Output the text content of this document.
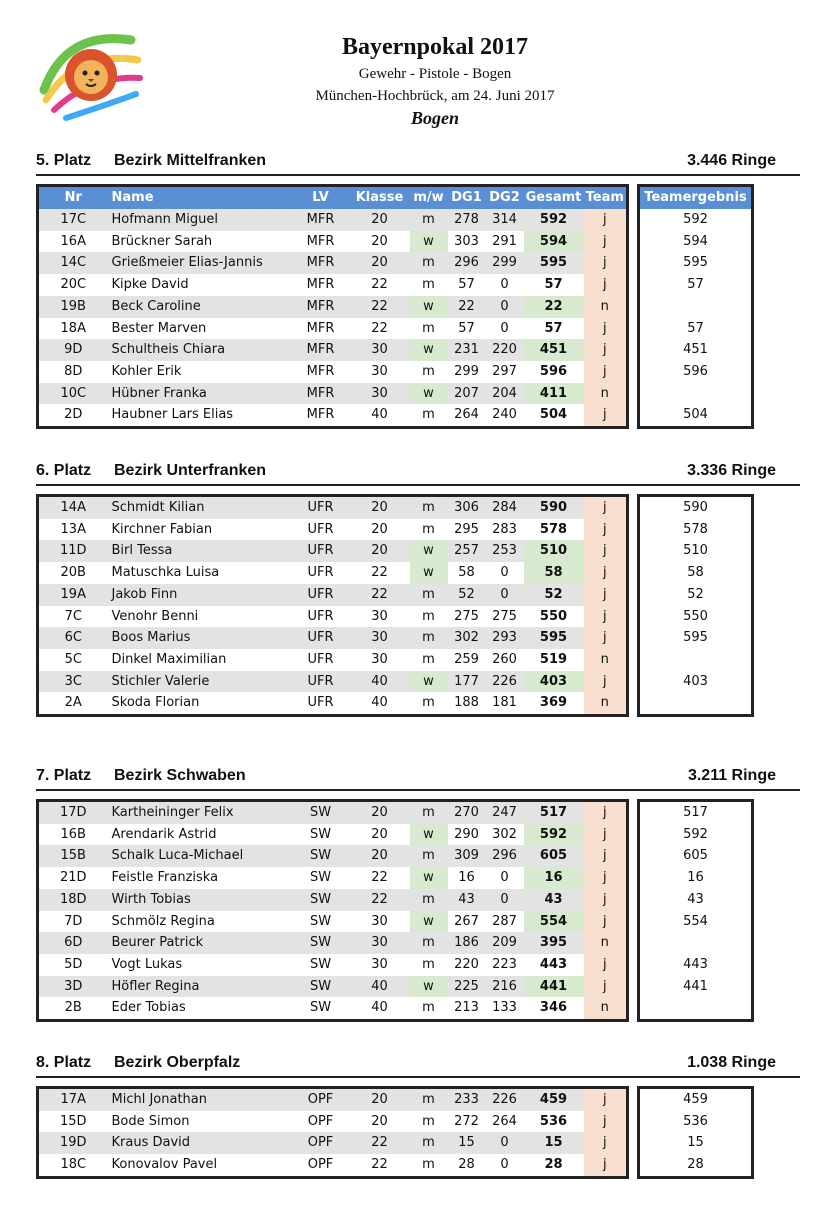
Bayernpokal 2017
Gewehr - Pistole - Bogen
München-Hochbrück, am 24. Juni 2017
Bogen
5. Platz Bezirk Mittelfranken	3.446 Ringe
Nr	Name	LV	Klasse	m/w	DG1	DG2	Gesamt	Team		Teamergebnis
17C	Hofmann Miguel	MFR	20	m	278	314	592	j		592
16A	Brückner Sarah	MFR	20	w	303	291	594	j		594
14C	Grießmeier Elias-Jannis	MFR	20	m	296	299	595	j		595
20C	Kipke David	MFR	22	m	57	0	57	j		57
19B	Beck Caroline	MFR	22	w	22	0	22	n		
18A	Bester Marven	MFR	22	m	57	0	57	j		57
9D	Schultheis Chiara	MFR	30	w	231	220	451	j		451
8D	Kohler Erik	MFR	30	m	299	297	596	j		596
10C	Hübner Franka	MFR	30	w	207	204	411	n		
2D	Haubner Lars Elias	MFR	40	m	264	240	504	j		504
6. Platz Bezirk Unterfranken	3.336 Ringe
14A	Schmidt Kilian	UFR	20	m	306	284	590	j		590
13A	Kirchner Fabian	UFR	20	m	295	283	578	j		578
11D	Birl Tessa	UFR	20	w	257	253	510	j		510
20B	Matuschka Luisa	UFR	22	w	58	0	58	j		58
19A	Jakob Finn	UFR	22	m	52	0	52	j		52
7C	Venohr Benni	UFR	30	m	275	275	550	j		550
6C	Boos Marius	UFR	30	m	302	293	595	j		595
5C	Dinkel Maximilian	UFR	30	m	259	260	519	n		
3C	Stichler Valerie	UFR	40	w	177	226	403	j		403
2A	Skoda Florian	UFR	40	m	188	181	369	n		
7. Platz Bezirk Schwaben	3.211 Ringe
17D	Kartheininger Felix	SW	20	m	270	247	517	j		517
16B	Arendarik Astrid	SW	20	w	290	302	592	j		592
15B	Schalk Luca-Michael	SW	20	m	309	296	605	j		605
21D	Feistle Franziska	SW	22	w	16	0	16	j		16
18D	Wirth Tobias	SW	22	m	43	0	43	j		43
7D	Schmölz Regina	SW	30	w	267	287	554	j		554
6D	Beurer Patrick	SW	30	m	186	209	395	n		
5D	Vogt Lukas	SW	30	m	220	223	443	j		443
3D	Höfler Regina	SW	40	w	225	216	441	j		441
2B	Eder Tobias	SW	40	m	213	133	346	n		
8. Platz Bezirk Oberpfalz	1.038 Ringe
17A	Michl Jonathan	OPF	20	m	233	226	459	j		459
15D	Bode Simon	OPF	20	m	272	264	536	j		536
19D	Kraus David	OPF	22	m	15	0	15	j		15
18C	Konovalov Pavel	OPF	22	m	28	0	28	j		28
